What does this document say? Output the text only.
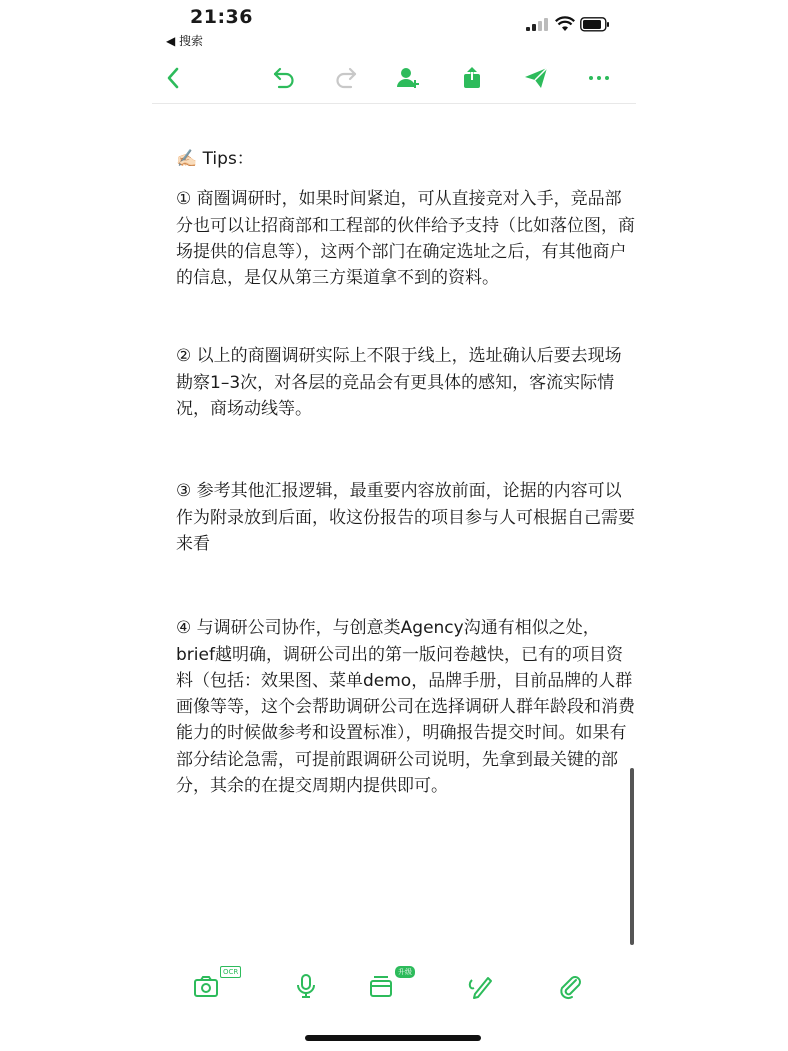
21:36
◀ 搜索

✍🏻 Tips：

① 商圈调研时，如果时间紧迫，可从直接竞对入手，竞品部分也可以让招商部和工程部的伙伴给予支持（比如落位图，商场提供的信息等），这两个部门在确定选址之后，有其他商户的信息，是仅从第三方渠道拿不到的资料。

② 以上的商圈调研实际上不限于线上，选址确认后要去现场勘察1–3次，对各层的竞品会有更具体的感知，客流实际情况，商场动线等。

③ 参考其他汇报逻辑，最重要内容放前面，论据的内容可以作为附录放到后面，收这份报告的项目参与人可根据自己需要来看

④ 与调研公司协作，与创意类Agency沟通有相似之处，brief越明确，调研公司出的第一版问卷越快，已有的项目资料（包括：效果图、菜单demo，品牌手册，目前品牌的人群画像等等，这个会帮助调研公司在选择调研人群年龄段和消费能力的时候做参考和设置标准），明确报告提交时间。如果有部分结论急需，可提前跟调研公司说明，先拿到最关键的部分，其余的在提交周期内提供即可。

OCR	升级
